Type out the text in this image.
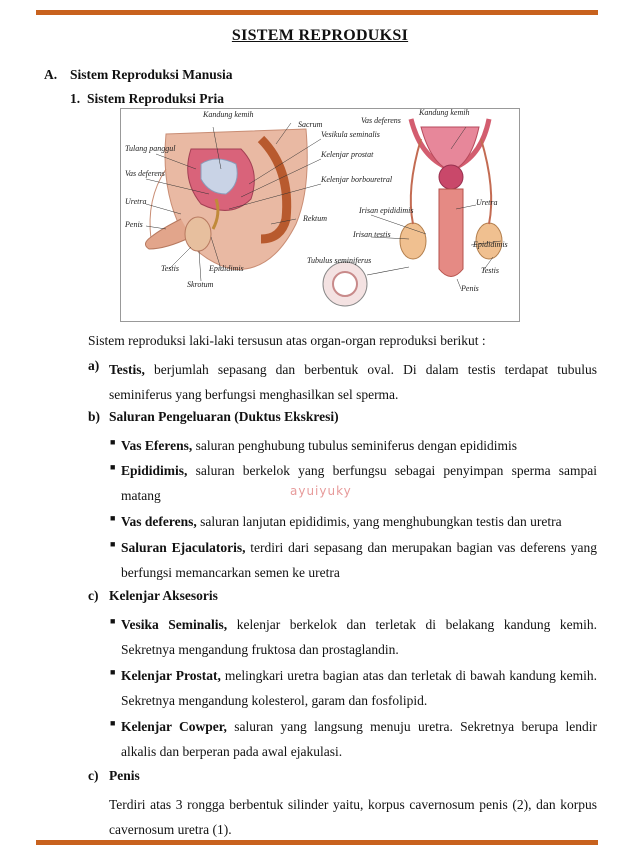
SISTEM REPRODUKSI
A. Sistem Reproduksi Manusia
1. Sistem Reproduksi Pria
Kandung kemih
Sacrum	Vas deferens
Kandung kemih
Tulang panggul
Vesikula seminalis
Kelenjar prostat
Vas deferens
Kelenjar borbouretral
Uretra	Uretra
Rektum
Irisan epididimis
Penis
Irisan testis
Epididimis
Testis	Epididimis
Tubulus seminiferus
Testis
Skrotum	Penis
Sistem reproduksi laki-laki tersusun atas organ-organ reproduksi berikut :
a) Testis, berjumlah sepasang dan berbentuk oval. Di dalam testis terdapat tubulus seminiferus yang berfungsi menghasilkan sel sperma.
b) Saluran Pengeluaran (Duktus Ekskresi)
■ Vas Eferens, saluran penghubung tubulus seminiferus dengan epididimis
■ Epididimis, saluran berkelok yang berfungsu sebagai penyimpan sperma sampai matang	ayuiyuky
■ Vas deferens, saluran lanjutan epididimis, yang menghubungkan testis dan uretra
■ Saluran Ejaculatoris, terdiri dari sepasang dan merupakan bagian vas deferens yang berfungsi memancarkan semen ke uretra
c) Kelenjar Aksesoris
■ Vesika Seminalis, kelenjar berkelok dan terletak di belakang kandung kemih. Sekretnya mengandung fruktosa dan prostaglandin.
■ Kelenjar Prostat, melingkari uretra bagian atas dan terletak di bawah kandung kemih. Sekretnya mengandung kolesterol, garam dan fosfolipid.
■ Kelenjar Cowper, saluran yang langsung menuju uretra. Sekretnya berupa lendir alkalis dan berperan pada awal ejakulasi.
c) Penis
Terdiri atas 3 rongga berbentuk silinder yaitu, korpus cavernosum penis (2), dan korpus cavernosum uretra (1).
